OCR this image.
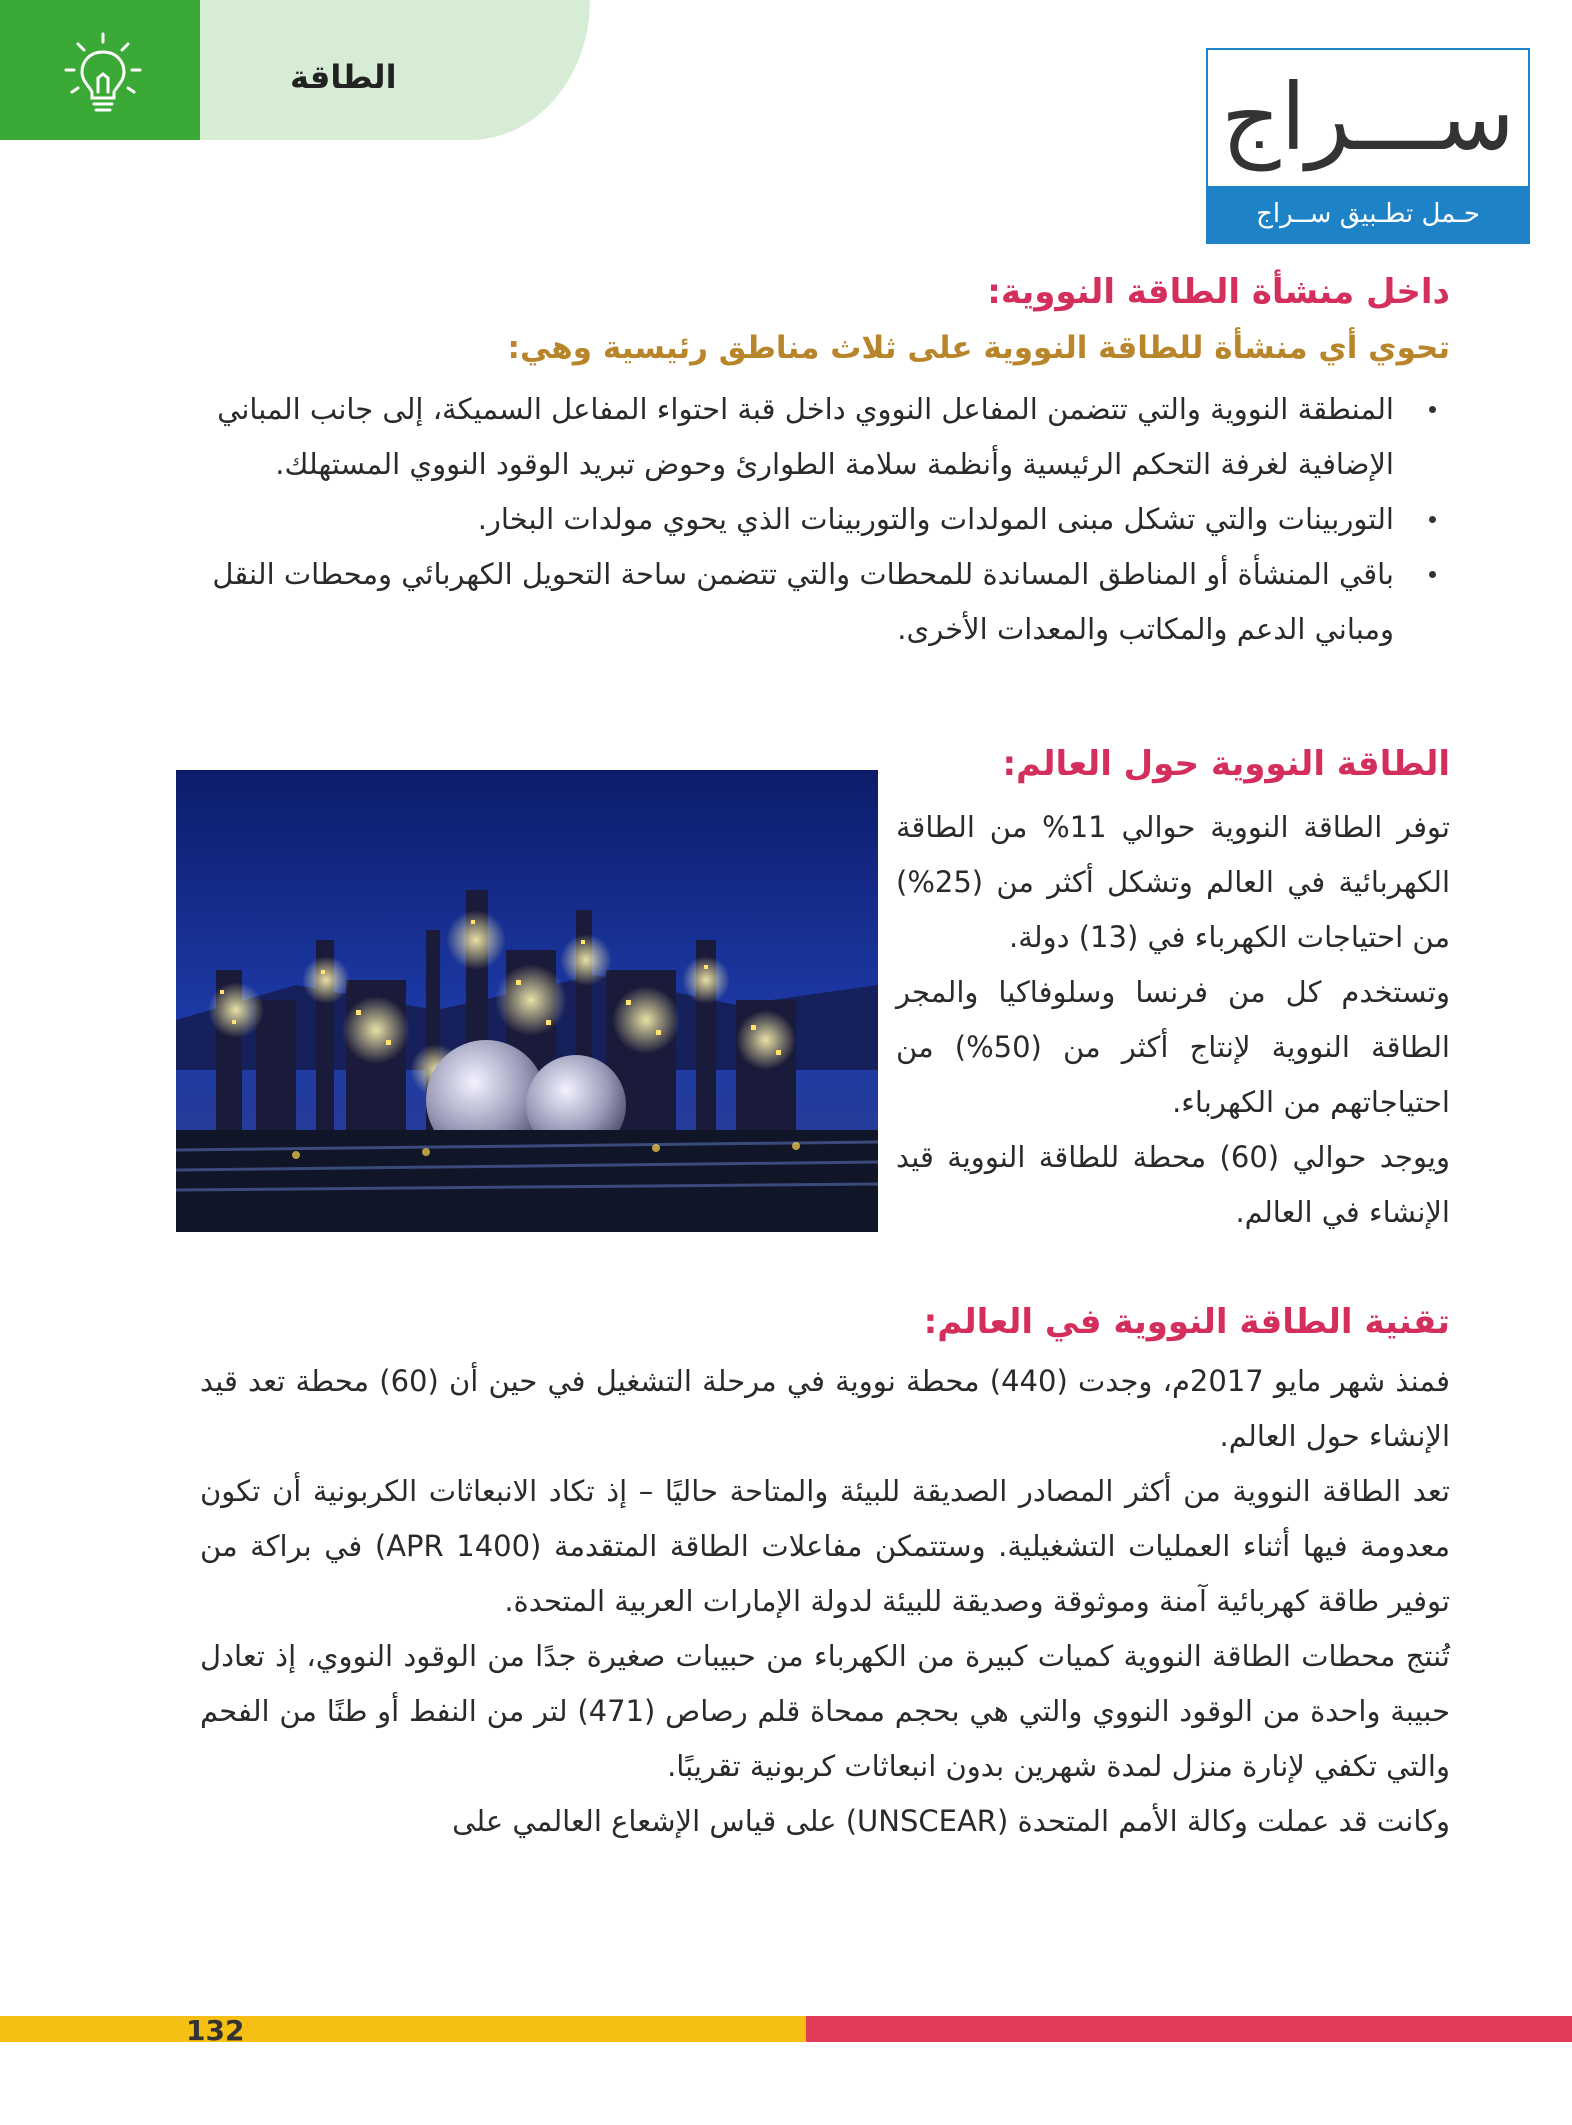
الطاقة	ســـراج
حـمل تطـبيق ســراج
داخل منشأة الطاقة النووية:
تحوي أي منشأة للطاقة النووية على ثلاث مناطق رئيسية وهي:
المنطقة النووية والتي تتضمن المفاعل النووي داخل قبة احتواء المفاعل السميكة، إلى جانب المباني الإضافية لغرفة التحكم الرئيسية وأنظمة سلامة الطوارئ وحوض تبريد الوقود النووي المستهلك.
التوربينات والتي تشكل مبنى المولدات والتوربينات الذي يحوي مولدات البخار.
باقي المنشأة أو المناطق المساندة للمحطات والتي تتضمن ساحة التحويل الكهربائي ومحطات النقل ومباني الدعم والمكاتب والمعدات الأخرى.
الطاقة النووية حول العالم:
توفر الطاقة النووية حوالي 11% من الطاقة الكهربائية في العالم وتشكل أكثر من (25%) من احتياجات الكهرباء في (13) دولة.
وتستخدم كل من فرنسا وسلوفاكيا والمجر الطاقة النووية لإنتاج أكثر من (50%) من احتياجاتهم من الكهرباء.
ويوجد حوالي (60) محطة للطاقة النووية قيد الإنشاء في العالم.
تقنية الطاقة النووية في العالم:
فمنذ شهر مايو 2017م، وجدت (440) محطة نووية في مرحلة التشغيل في حين أن (60) محطة تعد قيد الإنشاء حول العالم.
تعد الطاقة النووية من أكثر المصادر الصديقة للبيئة والمتاحة حاليًا – إذ تكاد الانبعاثات الكربونية أن تكون معدومة فيها أثناء العمليات التشغيلية. وستتمكن مفاعلات الطاقة المتقدمة (APR 1400) في براكة من توفير طاقة كهربائية آمنة وموثوقة وصديقة للبيئة لدولة الإمارات العربية المتحدة.
تُنتج محطات الطاقة النووية كميات كبيرة من الكهرباء من حبيبات صغيرة جدًا من الوقود النووي، إذ تعادل حبيبة واحدة من الوقود النووي والتي هي بحجم ممحاة قلم رصاص (471) لتر من النفط أو طنًا من الفحم والتي تكفي لإنارة منزل لمدة شهرين بدون انبعاثات كربونية تقريبًا.
وكانت قد عملت وكالة الأمم المتحدة (UNSCEAR) على قياس الإشعاع العالمي على
132
